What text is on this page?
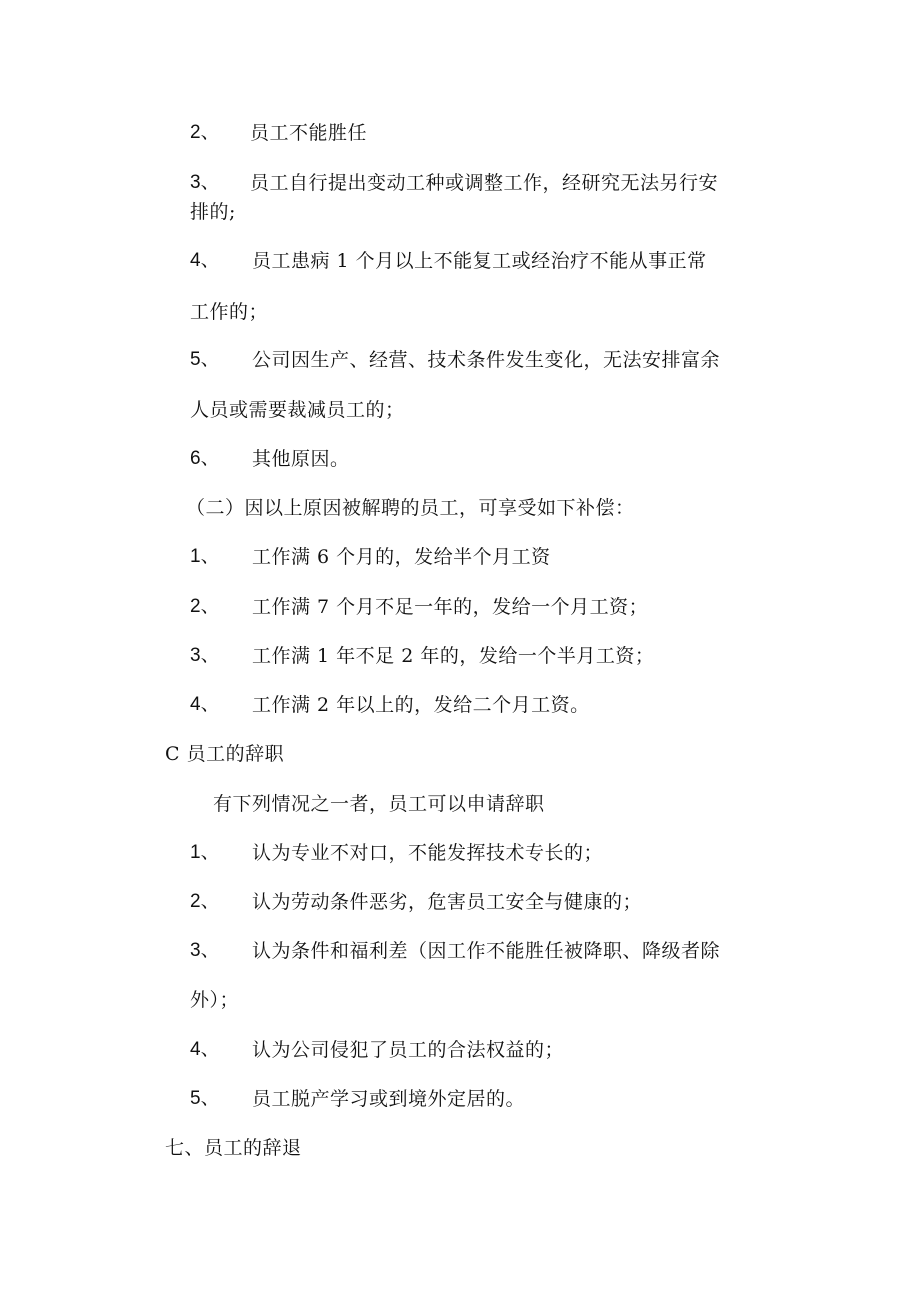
2、 员工不能胜任
3、 员工自行提出变动工种或调整工作，经研究无法另行安
排的;
4、 员工患病 1 个月以上不能复工或经治疗不能从事正常
工作的；
5、 公司因生产、经营、技术条件发生变化，无法安排富余
人员或需要裁减员工的；
6、 其他原因。
（二）因以上原因被解聘的员工，可享受如下补偿：
1、 工作满 6 个月的，发给半个月工资
2、 工作满 7 个月不足一年的，发给一个月工资；
3、 工作满 1 年不足 2 年的，发给一个半月工资；
4、 工作满 2 年以上的，发给二个月工资。
C 员工的辞职
有下列情况之一者，员工可以申请辞职
1、 认为专业不对口，不能发挥技术专长的；
2、 认为劳动条件恶劣，危害员工安全与健康的；
3、 认为条件和福利差（因工作不能胜任被降职、降级者除
外）；
4、 认为公司侵犯了员工的合法权益的；
5、 员工脱产学习或到境外定居的。
七、员工的辞退
